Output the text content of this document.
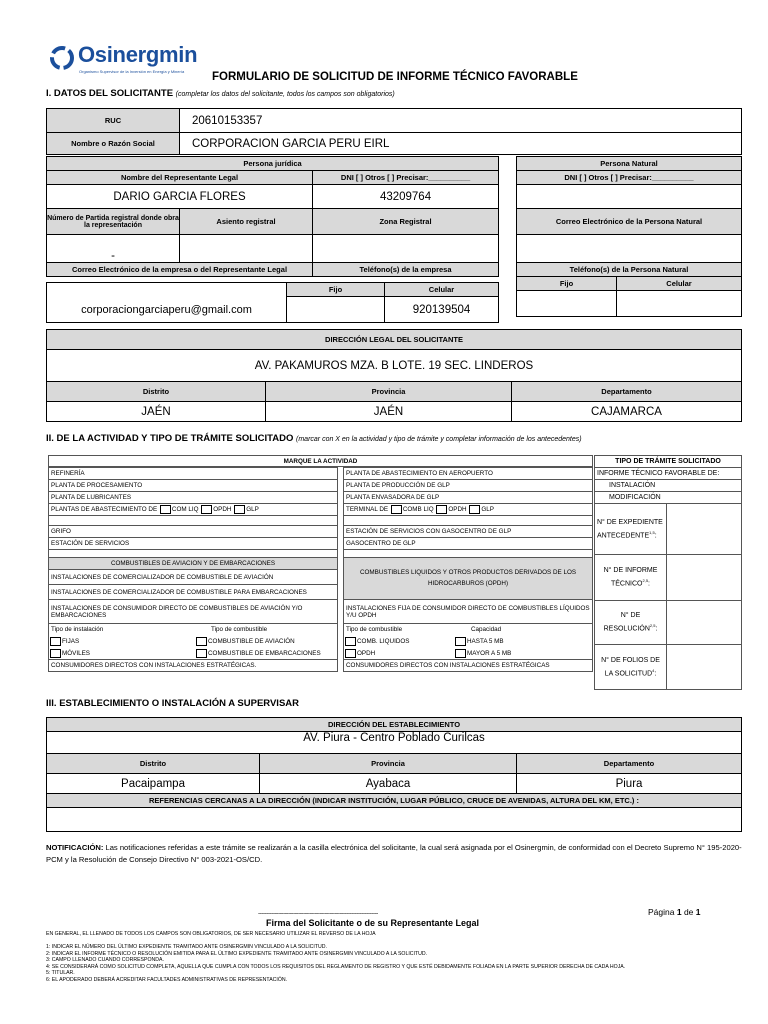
Osinergmin
Organismo Supervisor de la Inversión en Energía y Minería FORMULARIO DE SOLICITUD DE INFORME TÉCNICO FAVORABLE
I. DATOS DEL SOLICITANTE (completar los datos del solicitante, todos los campos son obligatorios)
RUC	20610153357
Nombre o Razón Social	CORPORACION GARCIA PERU EIRL
Persona jurídica		
Nombre del Representante Legal		DNI [ ] Otros [ ] Precisar:__________
DARIO GARCIA FLORES		43209764
Número de Partida registral donde obra la representación	Asiento registral	Zona Registral
-		
Correo Electrónico de la empresa o del Representante Legal		Teléfono(s) de la empresa
corporaciongarciaperu@gmail.com	Fijo	Celular
		920139504
Persona Natural	
DNI [ ] Otros [ ] Precisar:__________	

Correo Electrónico de la Persona Natural	

Teléfono(s) de la Persona Natural	
Fijo	Celular

DIRECCIÓN LEGAL DEL SOLICITANTE		
AV. PAKAMUROS MZA. B LOTE. 19 SEC. LINDEROS		
Distrito	Provincia	Departamento
JAÉN	JAÉN	CAJAMARCA
II. DE LA ACTIVIDAD Y TIPO DE TRÁMITE SOLICITADO (marcar con X en la actividad y tipo de trámite y completar información de los antecedentes)

REFINERÍA
PLANTA DE PROCESAMIENTO
PLANTA DE LUBRICANTES
PLANTAS DE ABASTECIMIENTO DE COM LIQ OPDH GLP

GRIFO
ESTACIÓN DE SERVICIOS

COMBUSTIBLES DE AVIACION Y DE EMBARCACIONES
INSTALACIONES DE COMERCIALIZADOR DE COMBUSTIBLE DE AVIACIÓN
INSTALACIONES DE COMERCIALIZADOR DE COMBUSTIBLE PARA EMBARCACIONES
INSTALACIONES DE CONSUMIDOR DIRECTO DE COMBUSTIBLES DE AVIACIÓN Y/O EMBARCACIONES
Tipo de instalación	Tipo de combustible

FIJAS	COMBUSTIBLE DE AVIACIÓN

MÓVILES	COMBUSTIBLE DE EMBARCACIONES

CONSUMIDORES DIRECTOS CON INSTALACIONES ESTRATÉGICAS.
MARQUE LA ACTIVIDAD
PLANTA DE ABASTECIMIENTO EN AEROPUERTO
PLANTA DE PRODUCCIÓN DE GLP
PLANTA ENVASADORA DE GLP
TERMINAL DE COMB LIQ OPDH GLP

ESTACIÓN DE SERVICIOS CON GASOCENTRO DE GLP
GASOCENTRO DE GLP

COMBUSTIBLES LIQUIDOS Y OTROS PRODUCTOS DERIVADOS DE LOS HIDROCARBUROS (OPDH)
INSTALACIONES FIJA DE CONSUMIDOR DIRECTO DE COMBUSTIBLES LÍQUIDOS Y/U OPDH
Tipo de combustible	Capacidad

COMB. LIQUIDOS	HASTA 5 MB

OPDH	MAYOR A 5 MB

CONSUMIDORES DIRECTOS CON INSTALACIONES ESTRATÉGICAS
TIPO DE TRÁMITE SOLICITADO	
INFORME TÉCNICO FAVORABLE DE:	
INSTALACIÓN	
MODIFICACIÓN	
N° DE EXPEDIENTE ANTECEDENTE$^{1,5}$:	
N° DE INFORME TÉCNICO$^{2,5}$:	
N° DE RESOLUCIÓN$^{2,5}$:	
N° DE FOLIOS DE LA SOLICITUD$^4$:	
III. ESTABLECIMIENTO O INSTALACIÓN A SUPERVISAR
DIRECCIÓN DEL ESTABLECIMIENTO		
AV. Piura - Centro Poblado Curilcas		
Distrito	Provincia	Departamento
Pacaipampa	Ayabaca	Piura
REFERENCIAS CERCANAS A LA DIRECCIÓN (INDICAR INSTITUCIÓN, LUGAR PÚBLICO, CRUCE DE AVENIDAS, ALTURA DEL KM, ETC.) :		

NOTIFICACIÓN: Las notificaciones referidas a este trámite se realizarán a la casilla electrónica del solicitante, la cual será asignada por el Osinergmin, de conformidad con el Decreto Supremo N° 195-2020-PCM y la Resolución de Consejo Directivo N° 003-2021-OS/CD.
------------------------------------------------------------------------
Firma del Solicitante o de su Representante Legal
Página 1 de 1
EN GENERAL, EL LLENADO DE TODOS LOS CAMPOS SON OBLIGATORIOS, DE SER NECESARIO UTILIZAR EL REVERSO DE LA HOJA
1: INDICAR EL NÚMERO DEL ÚLTIMO EXPEDIENTE TRAMITADO ANTE OSINERGMIN VINCULADO A LA SOLICITUD.
2: INDICAR EL INFORME TÉCNICO O RESOLUCIÓN EMITIDA PARA EL ÚLTIMO EXPEDIENTE TRAMITADO ANTE OSINERGMIN VINCULADO A LA SOLICITUD.
3: CAMPO LLENADO CUANDO CORRESPONDA.
4: SE CONSIDERARÁ COMO SOLICITUD COMPLETA, AQUELLA QUE CUMPLA CON TODOS LOS REQUISITOS DEL REGLAMENTO DE REGISTRO Y QUE ESTÉ DEBIDAMENTE FOLIADA EN LA PARTE SUPERIOR DERECHA DE CADA HOJA.
5: TITULAR.
6: EL APODERADO DEBERÁ ACREDITAR FACULTADES ADMINISTRATIVAS DE REPRESENTACIÓN.
